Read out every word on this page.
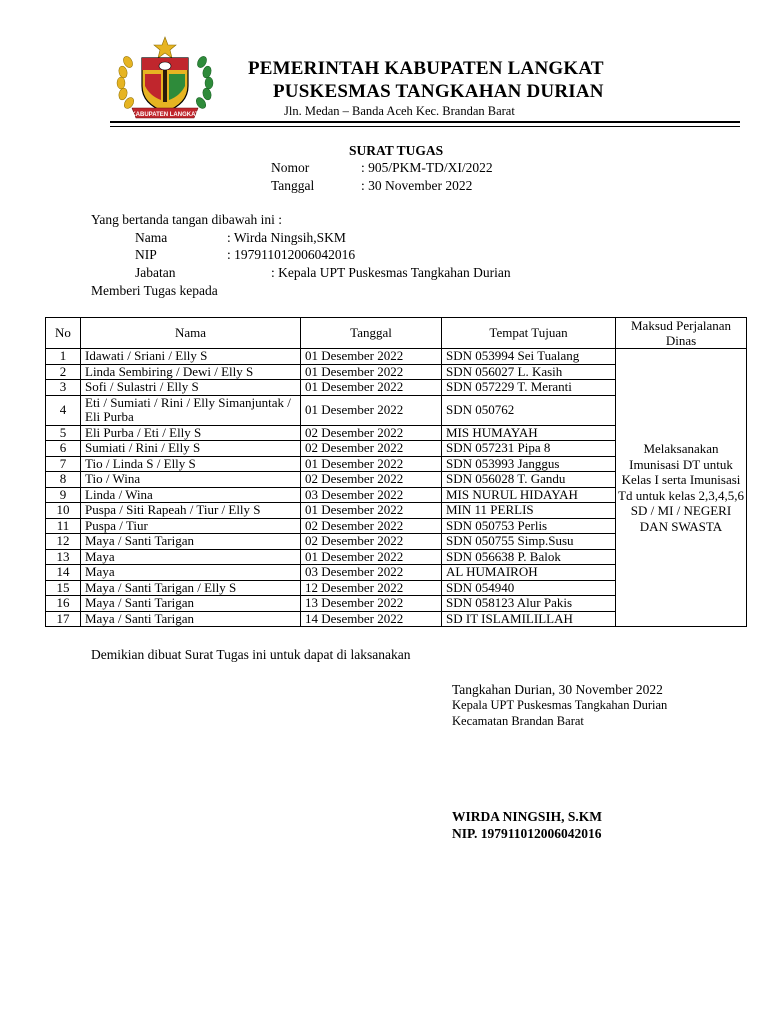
KABUPATEN LANGKAT
PEMERINTAH KABUPATEN LANGKAT
PUSKESMAS TANGKAHAN DURIAN
Jln. Medan – Banda Aceh Kec. Brandan Barat
SURAT TUGAS
Nomor	: 905/PKM-TD/XI/2022
Tanggal	: 30 November 2022
Yang bertanda tangan dibawah ini :
Nama	: Wirda Ningsih,SKM
NIP	: 197911012006042016
Jabatan	: Kepala UPT Puskesmas Tangkahan Durian
Memberi Tugas kepada
No	Nama	Tanggal	Tempat Tujuan	Maksud Perjalanan Dinas
1	Idawati / Sriani / Elly S	01 Desember 2022	SDN 053994 Sei Tualang	Melaksanakan Imunisasi DT untuk Kelas I serta Imunisasi Td untuk kelas 2,3,4,5,6 SD / MI / NEGERI DAN SWASTA
2	Linda Sembiring / Dewi / Elly S	01 Desember 2022	SDN 056027 L. Kasih	
3	Sofi / Sulastri / Elly S	01 Desember 2022	SDN 057229 T. Meranti	
4	Eti / Sumiati / Rini / Elly Simanjuntak / Eli Purba	01 Desember 2022	SDN 050762	
5	Eli Purba / Eti / Elly S	02 Desember 2022	MIS HUMAYAH	
6	Sumiati / Rini / Elly S	02 Desember 2022	SDN 057231 Pipa 8	
7	Tio / Linda S / Elly S	01 Desember 2022	SDN 053993 Janggus	
8	Tio / Wina	02 Desember 2022	SDN 056028 T. Gandu	
9	Linda / Wina	03 Desember 2022	MIS NURUL HIDAYAH	
10	Puspa / Siti Rapeah / Tiur / Elly S	01 Desember 2022	MIN 11 PERLIS	
11	Puspa / Tiur	02 Desember 2022	SDN 050753 Perlis	
12	Maya / Santi Tarigan	02 Desember 2022	SDN 050755 Simp.Susu	
13	Maya	01 Desember 2022	SDN 056638 P. Balok	
14	Maya	03 Desember 2022	AL HUMAIROH	
15	Maya / Santi Tarigan / Elly S	12 Desember 2022	SDN 054940	
16	Maya / Santi Tarigan	13 Desember 2022	SDN 058123 Alur Pakis	
17	Maya / Santi Tarigan	14 Desember 2022	SD IT ISLAMILILLAH	
Demikian dibuat Surat Tugas ini untuk dapat di laksanakan
Tangkahan Durian, 30 November 2022
Kepala UPT Puskesmas Tangkahan Durian
Kecamatan Brandan Barat
WIRDA NINGSIH, S.KM
NIP. 197911012006042016
